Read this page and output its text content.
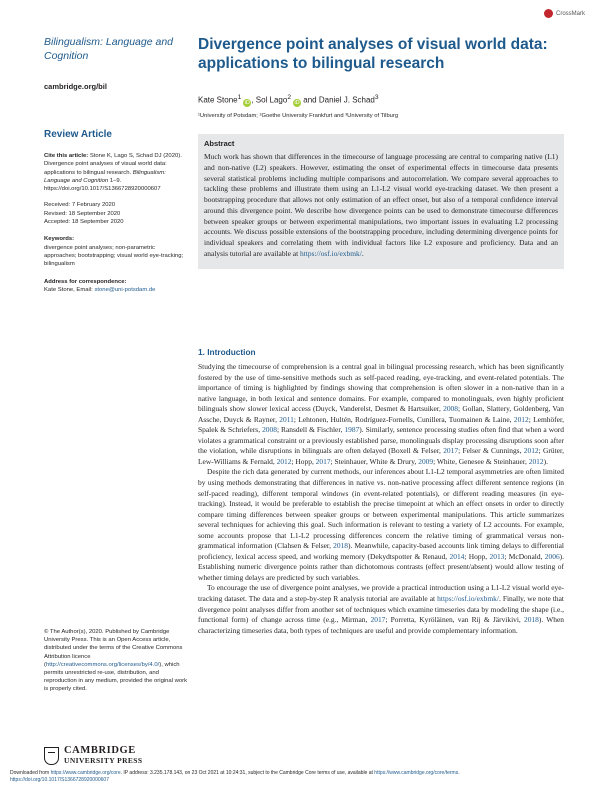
CrossMark
Bilingualism: Language and Cognition
cambridge.org/bil
Review Article
Cite this article: Stone K, Lago S, Schad DJ (2020). Divergence point analyses of visual world data: applications to bilingual research. Bilingualism: Language and Cognition 1–9. https://doi.org/10.1017/S1366728920000607
Received: 7 February 2020
Revised: 18 September 2020
Accepted: 18 September 2020
Keywords:
divergence point analyses; non-parametric approaches; bootstrapping; visual world eye-tracking; bilingualism
Address for correspondence:
Kate Stone, Email: stone@uni-potsdam.de
© The Author(s), 2020. Published by Cambridge University Press. This is an Open Access article, distributed under the terms of the Creative Commons Attribution licence (http://creativecommons.org/licenses/by/4.0/), which permits unrestricted re-use, distribution, and reproduction in any medium, provided the original work is properly cited.
CAMBRIDGE
UNIVERSITY PRESS
Divergence point analyses of visual world data: applications to bilingual research
Kate Stone$^1$iD, Sol Lago$^2$iD and Daniel J. Schad$^3$
¹University of Potsdam; ²Goethe University Frankfurt and ³University of Tilburg
Abstract
Much work has shown that differences in the timecourse of language processing are central to comparing native (L1) and non-native (L2) speakers. However, estimating the onset of experimental effects in timecourse data presents several statistical problems including multiple comparisons and autocorrelation. We compare several approaches to tackling these problems and illustrate them using an L1-L2 visual world eye-tracking dataset. We then present a bootstrapping procedure that allows not only estimation of an effect onset, but also of a temporal confidence interval around this divergence point. We describe how divergence points can be used to demonstrate timecourse differences between speaker groups or between experimental manipulations, two important issues in evaluating L2 processing accounts. We discuss possible extensions of the bootstrapping procedure, including determining divergence points for individual speakers and correlating them with individual factors like L2 exposure and proficiency. Data and an analysis tutorial are available at https://osf.io/exbmk/.
1. Introduction

Studying the timecourse of comprehension is a central goal in bilingual processing research, which has been significantly fostered by the use of time-sensitive methods such as self-paced reading, eye-tracking, and event-related potentials. The importance of timing is highlighted by findings showing that comprehension is often slower in a non-native than in a native language, in both lexical and sentence domains. For example, compared to monolinguals, even highly proficient bilinguals show slower lexical access (Duyck, Vanderelst, Desmet & Hartsuiker, 2008; Gollan, Slattery, Goldenberg, Van Assche, Duyck & Rayner, 2011; Lehtonen, Hultén, Rodríguez-Fornells, Cunillera, Tuomainen & Laine, 2012; Lemhöfer, Spalek & Schriefers, 2008; Ransdell & Fischler, 1987). Similarly, sentence processing studies often find that when a word violates a grammatical constraint or a previously established parse, monolinguals display processing disruptions soon after the violation, while disruptions in bilinguals are often delayed (Boxell & Felser, 2017; Felser & Cunnings, 2012; Grüter, Lew-Williams & Fernald, 2012; Hopp, 2017; Steinhauer, White & Drury, 2009; White, Genesee & Steinhauer, 2012).

Despite the rich data generated by current methods, our inferences about L1-L2 temporal asymmetries are often limited by using methods demonstrating that differences in native vs. non-native processing affect different sentence regions (in self-paced reading), different temporal windows (in event-related potentials), or different reading measures (in eye-tracking). Instead, it would be preferable to establish the precise timepoint at which an effect onsets in order to directly compare timing differences between speaker groups or between experimental manipulations. This article summarizes several techniques for achieving this goal. Such information is relevant to testing a variety of L2 accounts. For example, some accounts propose that L1-L2 processing differences concern the relative timing of grammatical versus non-grammatical information (Clahsen & Felser, 2018). Meanwhile, capacity-based accounts link timing delays to differential proficiency, lexical access speed, and working memory (Dekydtspotter & Renaud, 2014; Hopp, 2013; McDonald, 2006). Establishing numeric divergence points rather than dichotomous contrasts (effect present/absent) would allow testing of whether timing delays are predicted by such variables.

To encourage the use of divergence point analyses, we provide a practical introduction using a L1-L2 visual world eye-tracking dataset. The data and a step-by-step R analysis tutorial are available at https://osf.io/exbmk/. Finally, we note that divergence point analyses differ from another set of techniques which examine timeseries data by modeling the shape (i.e., functional form) of change across time (e.g., Mirman, 2017; Porretta, Kyröläinen, van Rij & Järvikivi, 2018). When characterizing timeseries data, both types of techniques are useful and provide complementary information.

Downloaded from https://www.cambridge.org/core. IP address: 3.235.178.143, on 23 Oct 2021 at 10:24:31, subject to the Cambridge Core terms of use, available at https://www.cambridge.org/core/terms.
https://doi.org/10.1017/S1366728920000607
